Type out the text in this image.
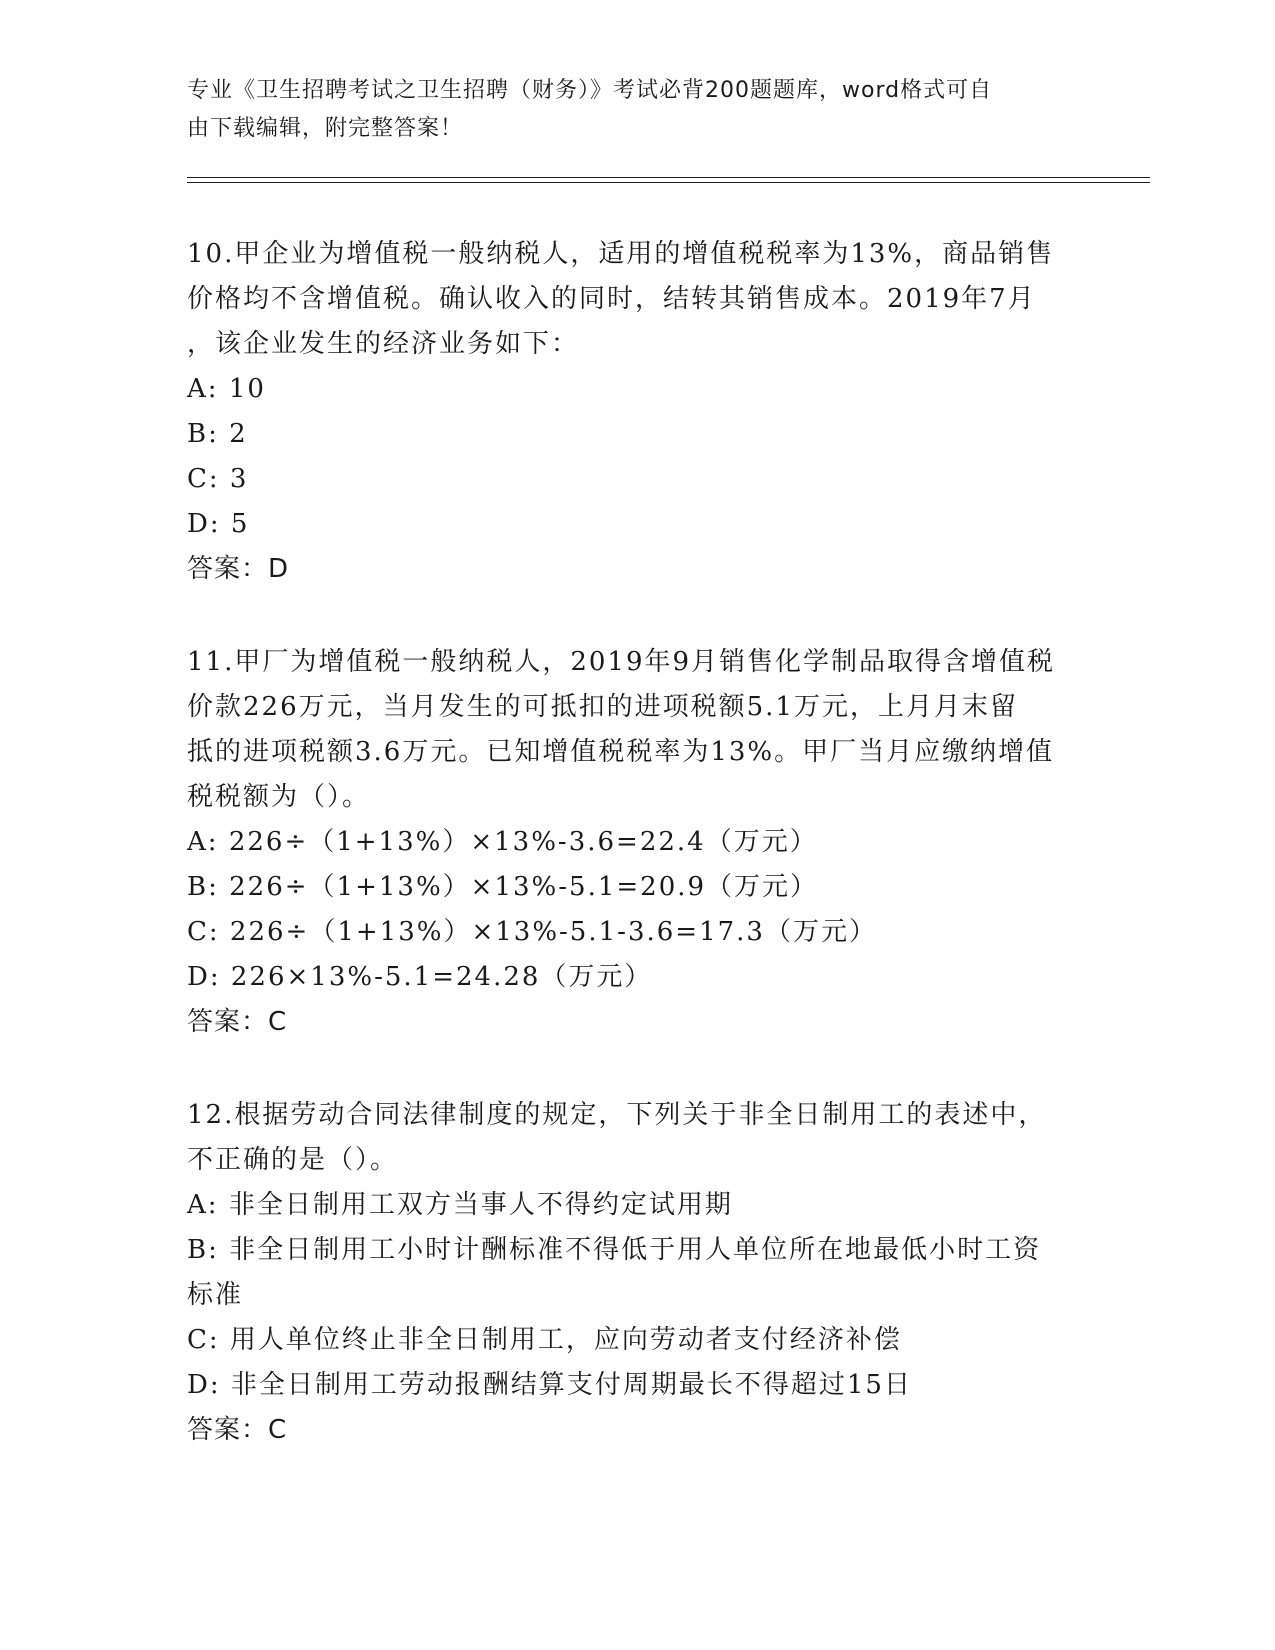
专业《卫生招聘考试之卫生招聘（财务）》考试必背200题题库，word格式可自
由下载编辑，附完整答案！

10.甲企业为增值税一般纳税人，适用的增值税税率为13%，商品销售

价格均不含增值税。确认收入的同时，结转其销售成本。2019年7月

，该企业发生的经济业务如下：

A: 10

B: 2

C: 3

D: 5

答案：D

11.甲厂为增值税一般纳税人，2019年9月销售化学制品取得含增值税

价款226万元，当月发生的可抵扣的进项税额5.1万元，上月月末留

抵的进项税额3.6万元。已知增值税税率为13%。甲厂当月应缴纳增值

税税额为（）。

A: 226÷（1+13%）×13%-3.6=22.4（万元）

B: 226÷（1+13%）×13%-5.1=20.9（万元）

C: 226÷（1+13%）×13%-5.1-3.6=17.3（万元）

D: 226×13%-5.1=24.28（万元）

答案：C

12.根据劳动合同法律制度的规定，下列关于非全日制用工的表述中，

不正确的是（）。

A: 非全日制用工双方当事人不得约定试用期

B: 非全日制用工小时计酬标准不得低于用人单位所在地最低小时工资

标准

C: 用人单位终止非全日制用工，应向劳动者支付经济补偿

D: 非全日制用工劳动报酬结算支付周期最长不得超过15日

答案：C
